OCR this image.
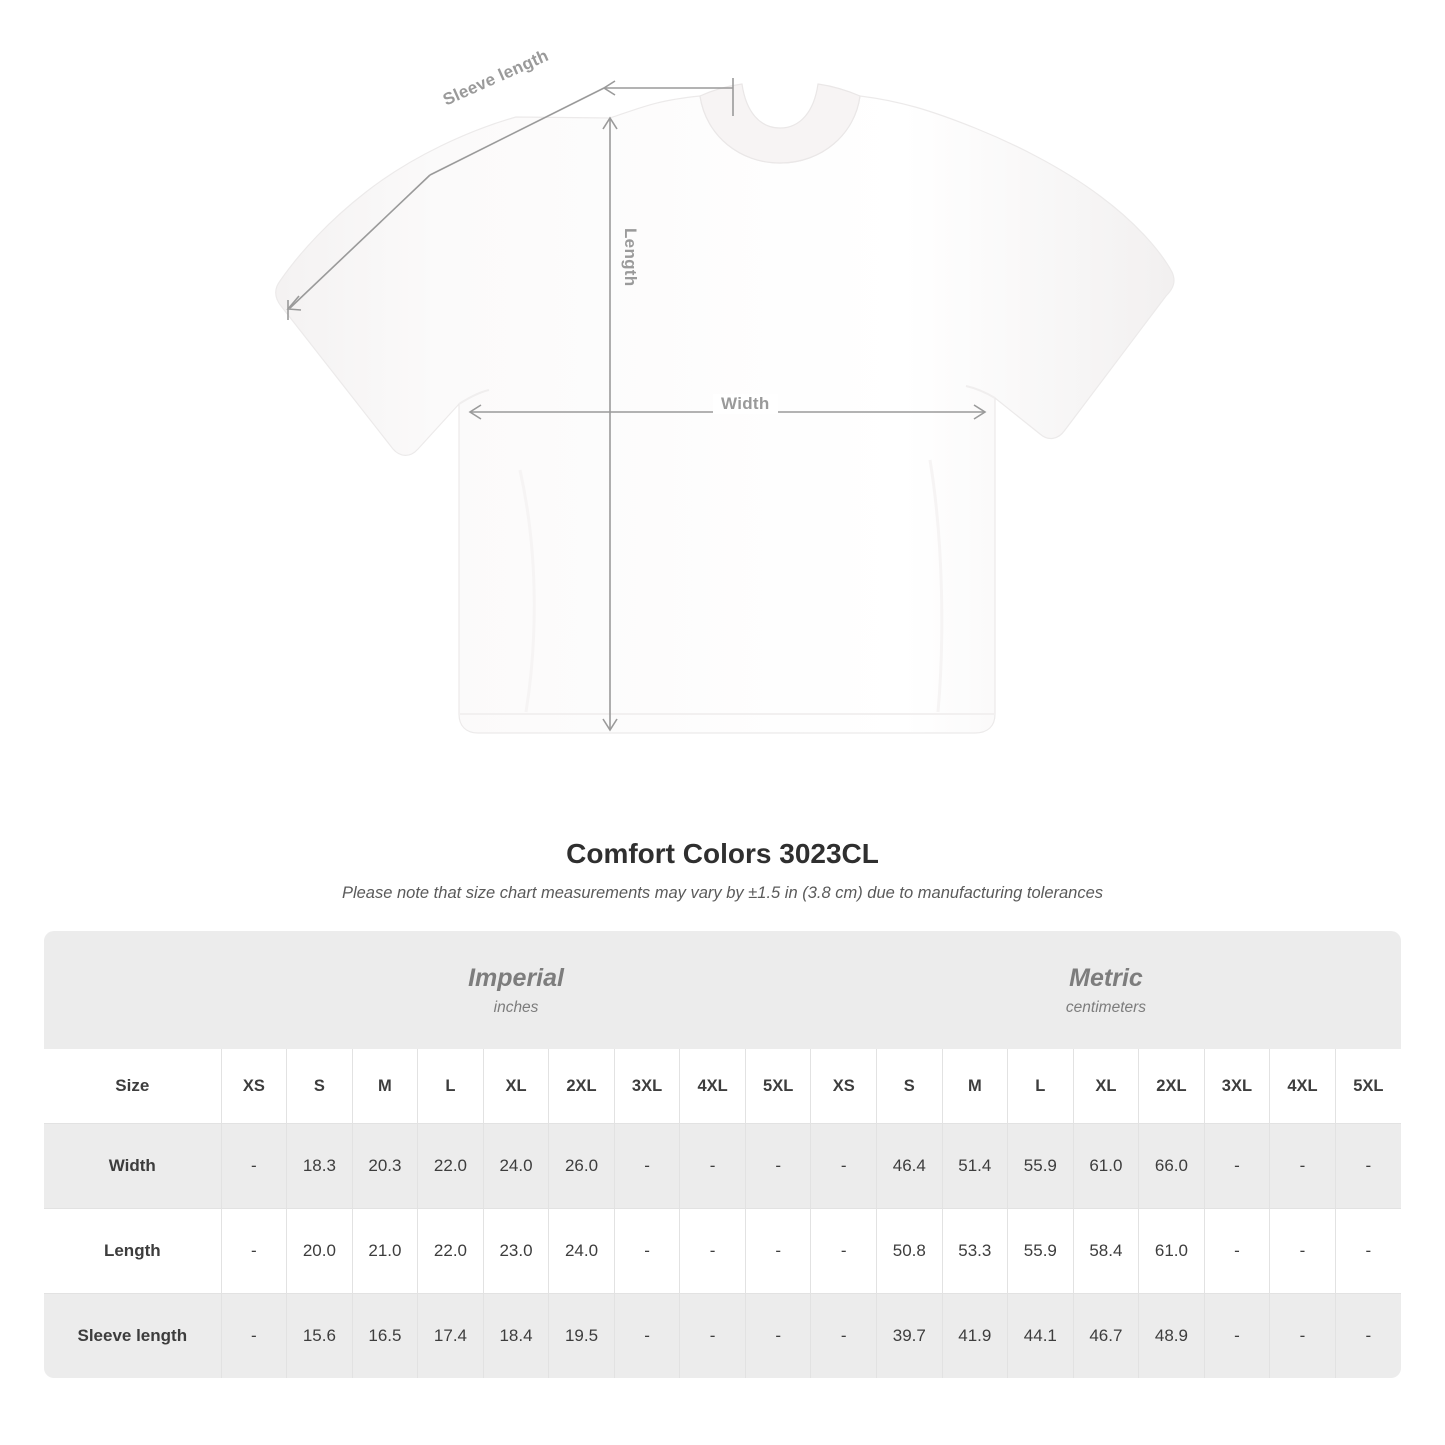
Sleeve length
Length
Width
Comfort Colors 3023CL

Please note that size chart measurements may vary by ±1.5 in (3.8 cm) due to manufacturing tolerances

Imperial
inches

Metric
centimeters

Size	XS	S	M	L	XL	2XL	3XL	4XL	5XL	XS	S	M	L	XL	2XL	3XL	4XL	5XL
Width	-	18.3	20.3	22.0	24.0	26.0	-	-	-	-	46.4	51.4	55.9	61.0	66.0	-	-	-
Length	-	20.0	21.0	22.0	23.0	24.0	-	-	-	-	50.8	53.3	55.9	58.4	61.0	-	-	-
Sleeve length	-	15.6	16.5	17.4	18.4	19.5	-	-	-	-	39.7	41.9	44.1	46.7	48.9	-	-	-
